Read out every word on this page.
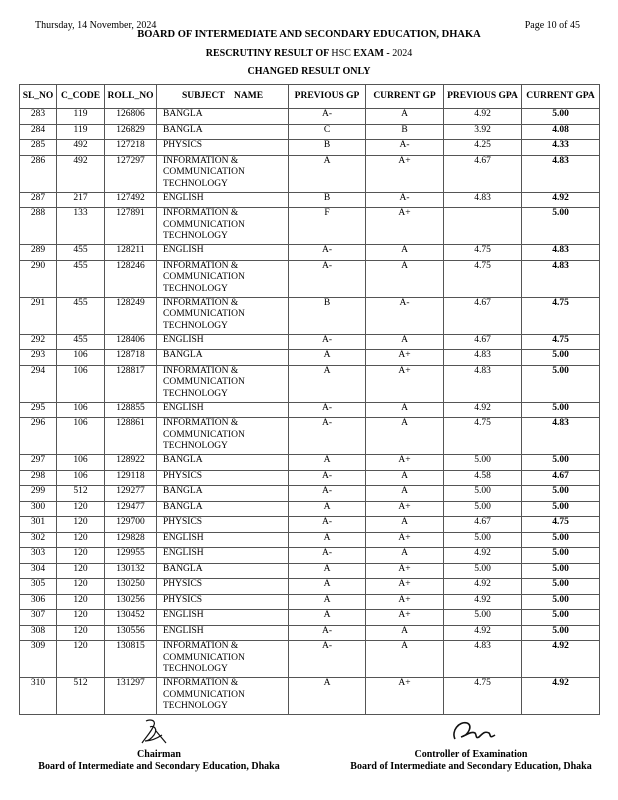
Thursday, 14 November, 2024	Page 10 of 45
BOARD OF INTERMEDIATE AND SECONDARY EDUCATION, DHAKA
RESCRUTINY RESULT OF HSC EXAM - 2024
CHANGED RESULT ONLY
SL_NO	C_CODE	ROLL_NO	SUBJECT    NAME	PREVIOUS GP	CURRENT GP	PREVIOUS GPA	CURRENT GPA
283	119	126806	BANGLA	A-	A	4.92	5.00
284	119	126829	BANGLA	C	B	3.92	4.08
285	492	127218	PHYSICS	B	A-	4.25	4.33
286	492	127297	INFORMATION & COMMUNICATION TECHNOLOGY	A	A+	4.67	4.83
287	217	127492	ENGLISH	B	A-	4.83	4.92
288	133	127891	INFORMATION & COMMUNICATION TECHNOLOGY	F	A+		5.00
289	455	128211	ENGLISH	A-	A	4.75	4.83
290	455	128246	INFORMATION & COMMUNICATION TECHNOLOGY	A-	A	4.75	4.83
291	455	128249	INFORMATION & COMMUNICATION TECHNOLOGY	B	A-	4.67	4.75
292	455	128406	ENGLISH	A-	A	4.67	4.75
293	106	128718	BANGLA	A	A+	4.83	5.00
294	106	128817	INFORMATION & COMMUNICATION TECHNOLOGY	A	A+	4.83	5.00
295	106	128855	ENGLISH	A-	A	4.92	5.00
296	106	128861	INFORMATION & COMMUNICATION TECHNOLOGY	A-	A	4.75	4.83
297	106	128922	BANGLA	A	A+	5.00	5.00
298	106	129118	PHYSICS	A-	A	4.58	4.67
299	512	129277	BANGLA	A-	A	5.00	5.00
300	120	129477	BANGLA	A	A+	5.00	5.00
301	120	129700	PHYSICS	A-	A	4.67	4.75
302	120	129828	ENGLISH	A	A+	5.00	5.00
303	120	129955	ENGLISH	A-	A	4.92	5.00
304	120	130132	BANGLA	A	A+	5.00	5.00
305	120	130250	PHYSICS	A	A+	4.92	5.00
306	120	130256	PHYSICS	A	A+	4.92	5.00
307	120	130452	ENGLISH	A	A+	5.00	5.00
308	120	130556	ENGLISH	A-	A	4.92	5.00
309	120	130815	INFORMATION & COMMUNICATION TECHNOLOGY	A-	A	4.83	4.92
310	512	131297	INFORMATION & COMMUNICATION TECHNOLOGY	A	A+	4.75	4.92
Chairman
Board of Intermediate and Secondary Education, Dhaka
Controller of Examination
Board of Intermediate and Secondary Education, Dhaka
